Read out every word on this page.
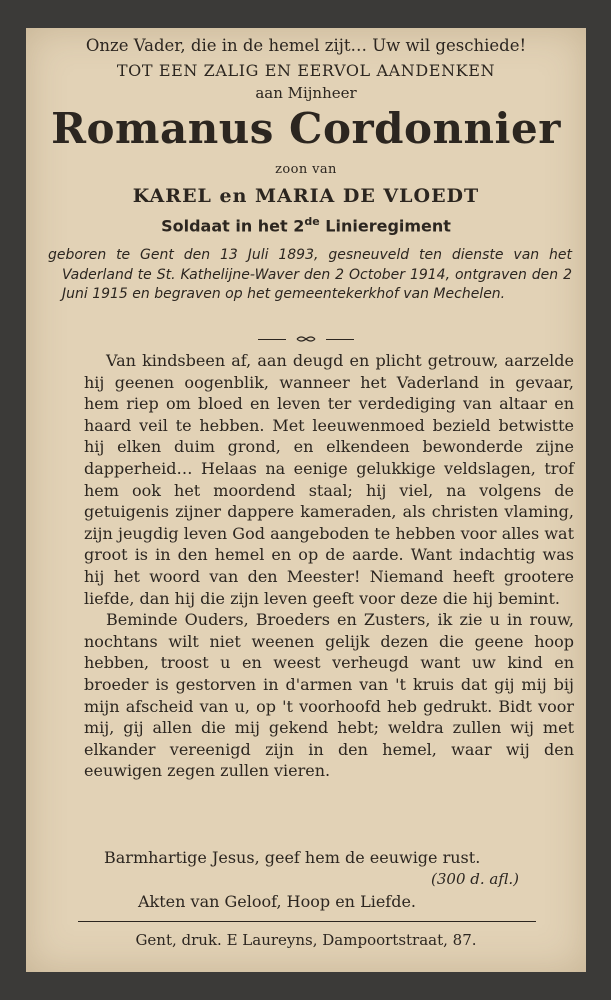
Onze Vader, die in de hemel zijt… Uw wil geschiede!
TOT EEN ZALIG EN EERVOL AANDENKEN
aan Mijnheer
Romanus Cordonnier
zoon van
KAREL en MARIA DE VLOEDT
Soldaat in het 2de Linieregiment
geboren te Gent den 13 Juli 1893, gesneuveld ten dienste van het Vaderland te St. Kathelijne-Waver den 2 October 1914, ontgraven den 2 Juni 1915 en begraven op het gemeentekerkhof van Mechelen.

Van kindsbeen af, aan deugd en plicht getrouw, aarzelde hij geenen oogenblik, wanneer het Vaderland in gevaar, hem riep om bloed en leven ter verdediging van altaar en haard veil te hebben. Met leeuwenmoed bezield betwistte hij elken duim grond, en elkendeen bewonderde zijne dapperheid… Helaas na eenige gelukkige veldslagen, trof hem ook het moordend staal; hij viel, na volgens de getuigenis zijner dappere kameraden, als christen vlaming, zijn jeugdig leven God aangeboden te hebben voor alles wat groot is in den hemel en op de aarde. Want indachtig was hij het woord van den Meester! Niemand heeft grootere liefde, dan hij die zijn leven geeft voor deze die hij bemint.

Beminde Ouders, Broeders en Zusters, ik zie u in rouw, nochtans wilt niet weenen gelijk dezen die geene hoop hebben, troost u en weest verheugd want uw kind en broeder is gestorven in d'armen van 't kruis dat gij mij bij mijn afscheid van u, op 't voorhoofd heb gedrukt. Bidt voor mij, gij allen die mij gekend hebt; weldra zullen wij met elkander vereenigd zijn in den hemel, waar wij den eeuwigen zegen zullen vieren.

Barmhartige Jesus, geef hem de eeuwige rust.
(300 d. afl.)
Akten van Geloof, Hoop en Liefde.
Gent, druk. E Laureyns, Dampoortstraat, 87.
